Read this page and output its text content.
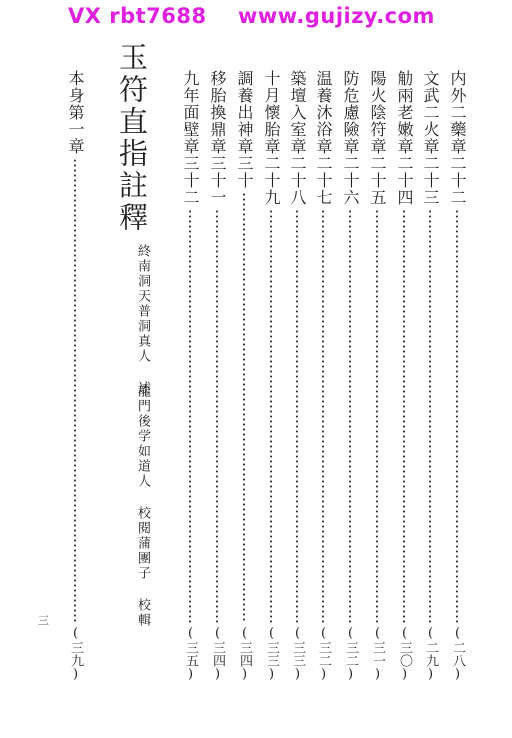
VX rbt7688 www.gujizy.com
内外二藥章二十二
(二八)
文武二火章二十三
(二九)
觔兩老嫩章二十四
(三〇)
陽火陰符章二十五
(三一)
防危慮險章二十六
(三二)
温養沐浴章二十七
(三二)
築壇入室章二十八
(三三)
十月懷胎章二十九
(三三)
調養出神章三十
(三四)
移胎換鼎章三十一
(三四)
九年面壁章三十二
(三五)
玉符直指註釋
終南洞天普洞真人 述
龍門後学如道人 校閱
蒲團子 校輯
本身第一章
(三九)
三
